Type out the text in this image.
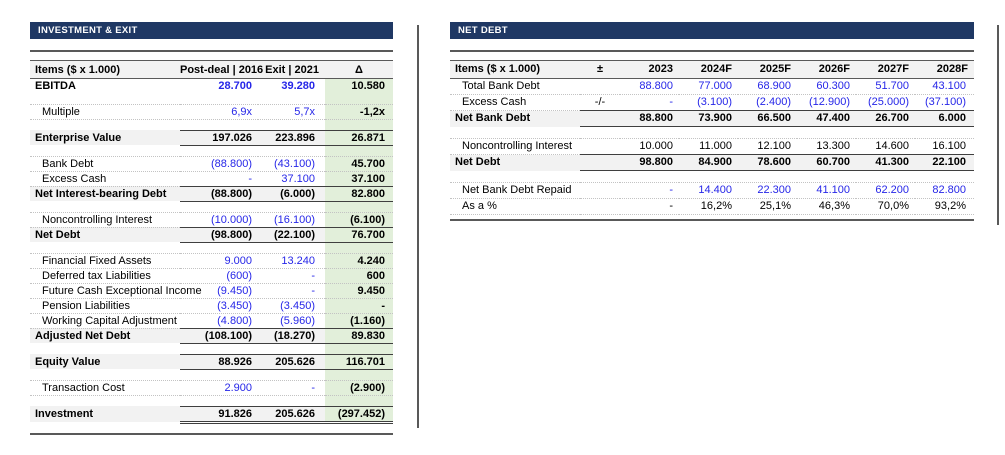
INVESTMENT & EXIT
Items ($ x 1.000)	Post-deal | 2016	Exit | 2021	Δ
EBITDA	28.700	39.280	10.580

Multiple	6,9x	5,7x	-1,2x

Enterprise Value	197.026	223.896	26.871

Bank Debt	(88.800)	(43.100)	45.700
Excess Cash	-	37.100	37.100
Net Interest-bearing Debt	(88.800)	(6.000)	82.800

Noncontrolling Interest	(10.000)	(16.100)	(6.100)
Net Debt	(98.800)	(22.100)	76.700

Financial Fixed Assets	9.000	13.240	4.240
Deferred tax Liabilities	(600)	-	600
Future Cash Exceptional Income	(9.450)	-	9.450
Pension Liabilities	(3.450)	(3.450)	-
Working Capital Adjustment	(4.800)	(5.960)	(1.160)
Adjusted Net Debt	(108.100)	(18.270)	89.830

Equity Value	88.926	205.626	116.701

Transaction Cost	2.900	-	(2.900)

Investment	91.826	205.626	(297.452)
NET DEBT
Items ($ x 1.000)	±	2023	2024F	2025F	2026F	2027F	2028F
Total Bank Debt		88.800	77.000	68.900	60.300	51.700	43.100
Excess Cash	-/-	-	(3.100)	(2.400)	(12.900)	(25.000)	(37.100)
Net Bank Debt		88.800	73.900	66.500	47.400	26.700	6.000

Noncontrolling Interest		10.000	11.000	12.100	13.300	14.600	16.100
Net Debt		98.800	84.900	78.600	60.700	41.300	22.100

Net Bank Debt Repaid		-	14.400	22.300	41.100	62.200	82.800
As a %		-	16,2%	25,1%	46,3%	70,0%	93,2%
